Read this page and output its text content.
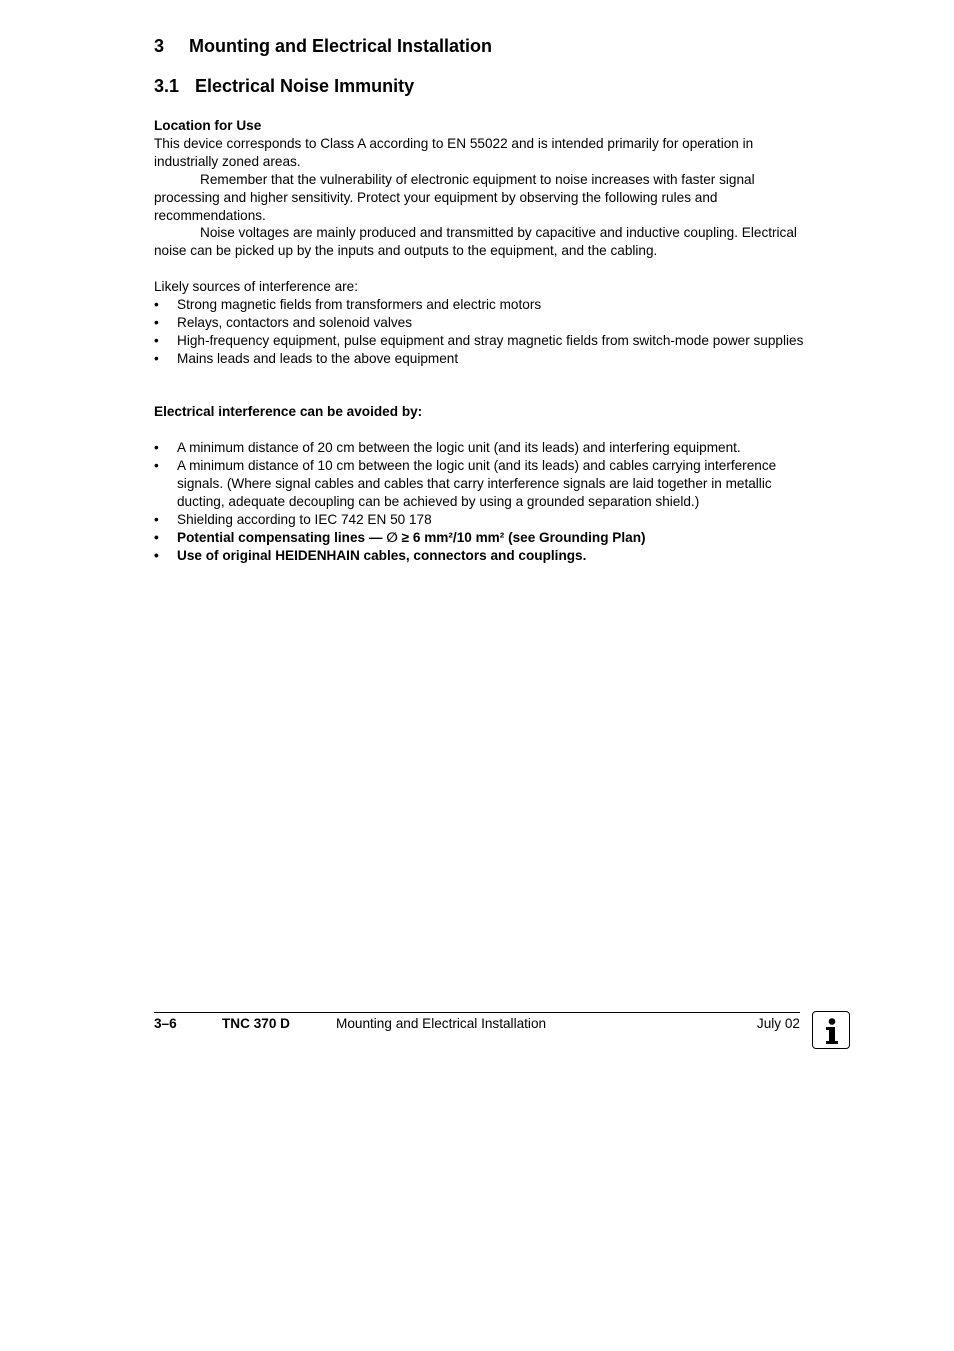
3 Mounting and Electrical Installation
3.1 Electrical Noise Immunity

Location for Use

This device corresponds to Class A according to EN 55022 and is intended primarily for operation in industrially zoned areas.

Remember that the vulnerability of electronic equipment to noise increases with faster signal processing and higher sensitivity. Protect your equipment by observing the following rules and recommendations.

Noise voltages are mainly produced and transmitted by capacitive and inductive coupling. Electrical noise can be picked up by the inputs and outputs to the equipment, and the cabling.

Likely sources of interference are:

• Strong magnetic fields from transformers and electric motors
• Relays, contactors and solenoid valves
• High-frequency equipment, pulse equipment and stray magnetic fields from switch-mode power supplies
• Mains leads and leads to the above equipment

Electrical interference can be avoided by:

• A minimum distance of 20 cm between the logic unit (and its leads) and interfering equipment.
• A minimum distance of 10 cm between the logic unit (and its leads) and cables carrying interference signals. (Where signal cables and cables that carry interference signals are laid together in metallic ducting, adequate decoupling can be achieved by using a grounded separation shield.)
• Shielding according to IEC 742 EN 50 178
• Potential compensating lines — ∅ ≥ 6 mm²/10 mm² (see Grounding Plan)
• Use of original HEIDENHAIN cables, connectors and couplings.
3–6	TNC 370 D	Mounting and Electrical Installation	July 02
